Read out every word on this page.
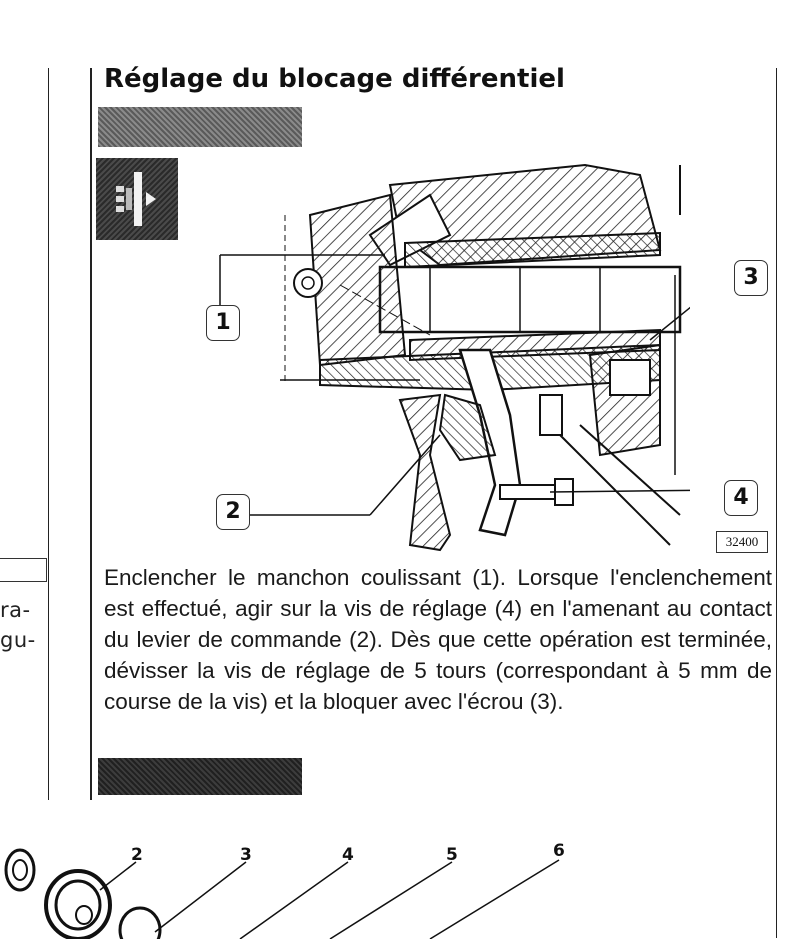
ra-
gu-
Réglage du blocage différentiel
1
2
3
4
32400

Enclencher le manchon coulissant (1). Lorsque l'enclenchement est effectué, agir sur la vis de réglage (4) en l'amenant au contact du levier de commande (2). Dès que cette opération est terminée, dévisser la vis de réglage de 5 tours (correspondant à 5 mm de course de la vis) et la bloquer avec l'écrou (3).

2	3	4	5	6
